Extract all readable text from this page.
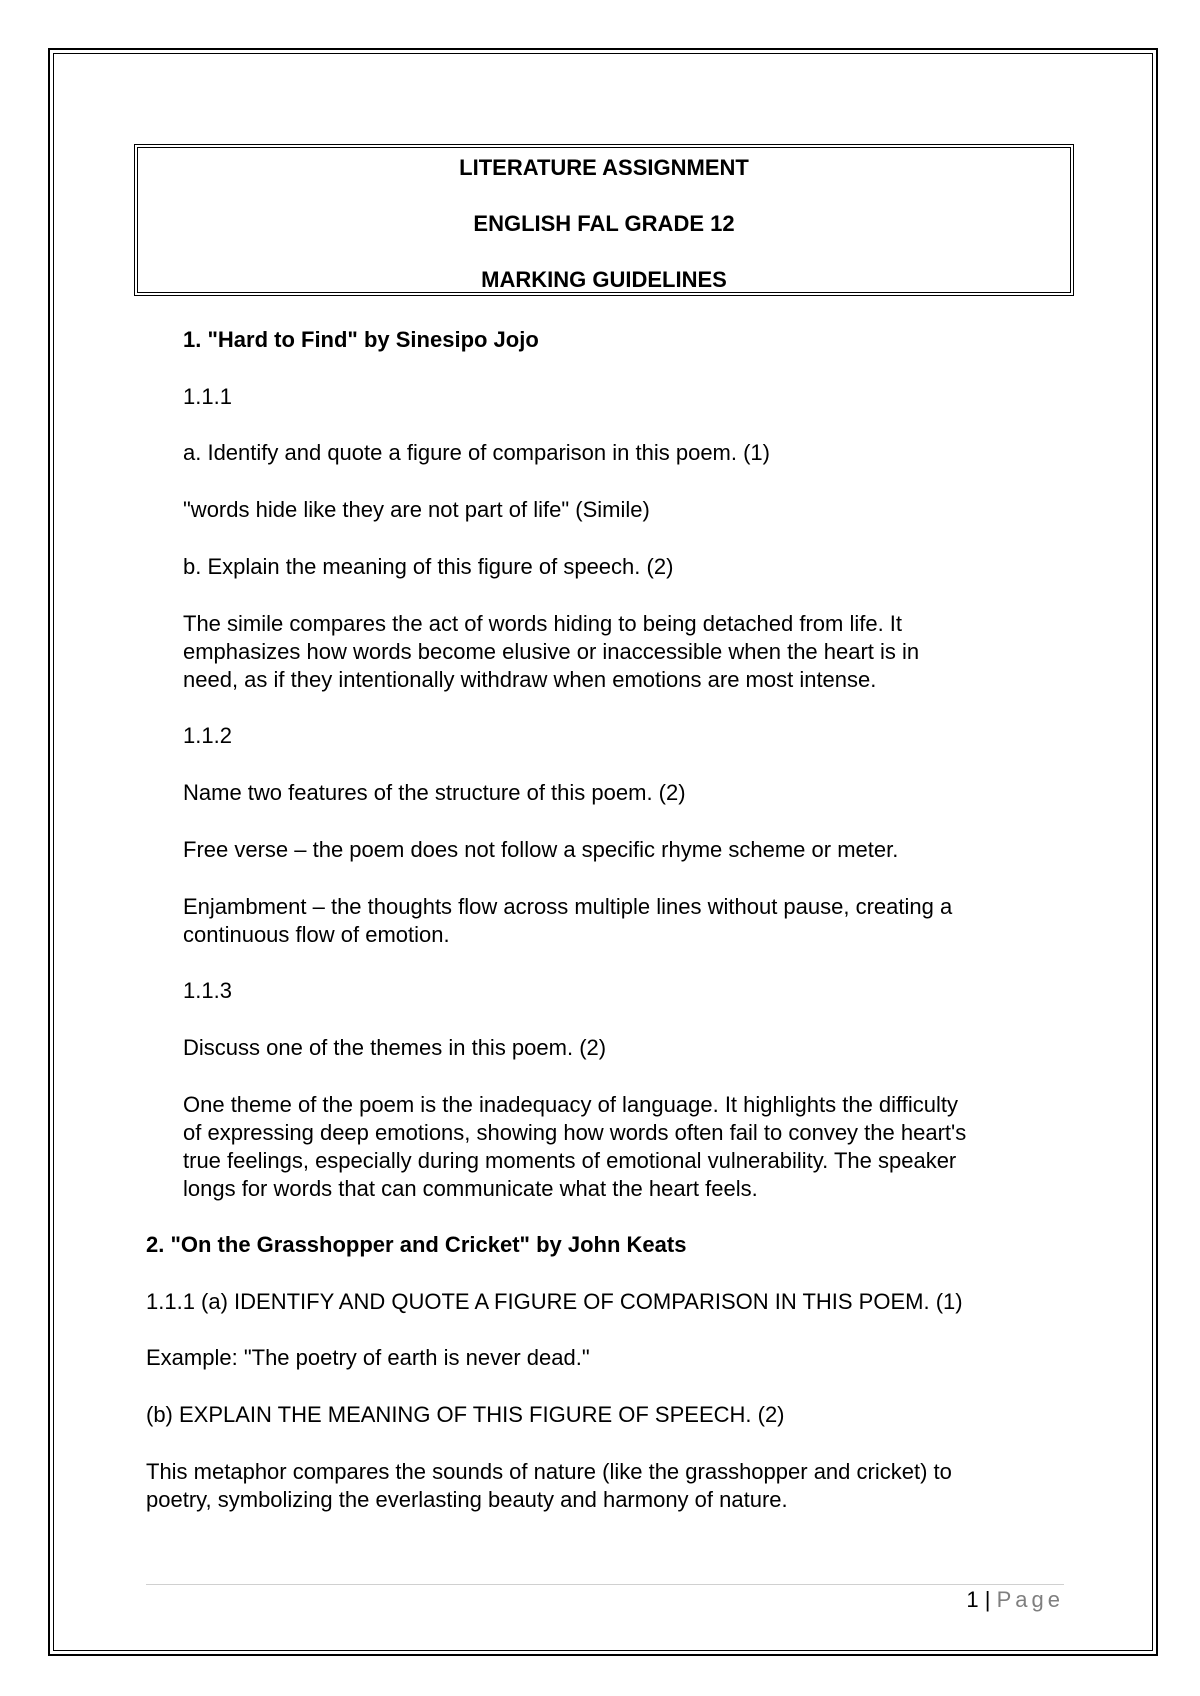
LITERATURE ASSIGNMENT
ENGLISH FAL GRADE 12
MARKING GUIDELINES
1. "Hard to Find" by Sinesipo Jojo
1.1.1
a. Identify and quote a figure of comparison in this poem. (1)
"words hide like they are not part of life" (Simile)
b. Explain the meaning of this figure of speech. (2)
The simile compares the act of words hiding to being detached from life. It
emphasizes how words become elusive or inaccessible when the heart is in
need, as if they intentionally withdraw when emotions are most intense.
1.1.2
Name two features of the structure of this poem. (2)
Free verse – the poem does not follow a specific rhyme scheme or meter.
Enjambment – the thoughts flow across multiple lines without pause, creating a
continuous flow of emotion.
1.1.3
Discuss one of the themes in this poem. (2)
One theme of the poem is the inadequacy of language. It highlights the difficulty
of expressing deep emotions, showing how words often fail to convey the heart's
true feelings, especially during moments of emotional vulnerability. The speaker
longs for words that can communicate what the heart feels.
2. "On the Grasshopper and Cricket" by John Keats
1.1.1 (a) IDENTIFY AND QUOTE A FIGURE OF COMPARISON IN THIS POEM. (1)
Example: "The poetry of earth is never dead."
(b) EXPLAIN THE MEANING OF THIS FIGURE OF SPEECH. (2)
This metaphor compares the sounds of nature (like the grasshopper and cricket) to
poetry, symbolizing the everlasting beauty and harmony of nature.
1 | Page
